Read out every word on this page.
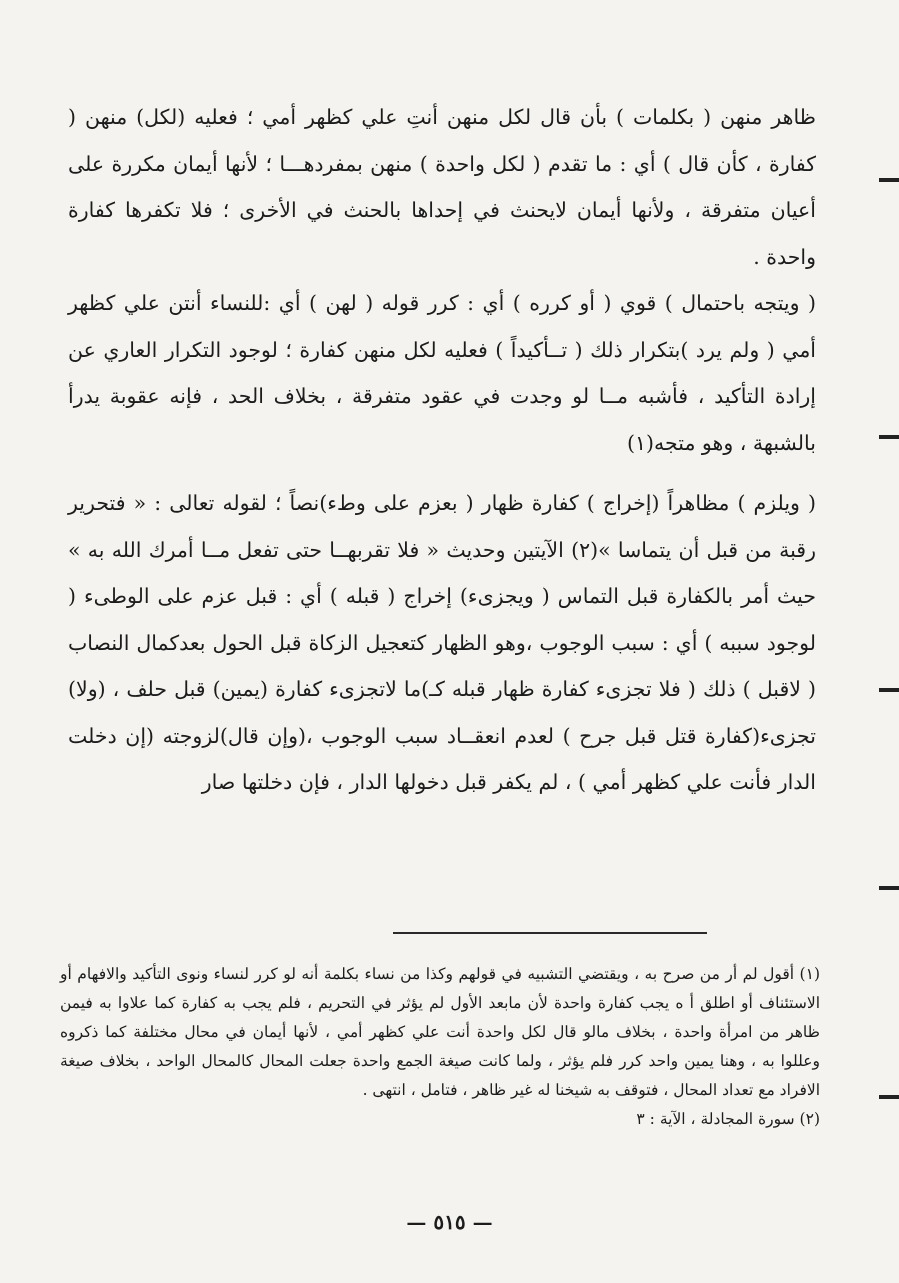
ظاهر منهن ( بكلمات ) بأن قال لكل منهن أنتِ علي كظهر أمي ؛ فعليه (لكل) منهن ( كفارة ، كأن قال ) أي : ما تقدم ( لكل واحدة ) منهن بمفردهـــا ؛ لأنها أيمان مكررة على أعيان متفرقة ، ولأنها أيمان لايحنث في إحداها بالحنث في الأخرى ؛ فلا تكفرها كفارة واحدة .

( ويتجه باحتمال ) قوي ( أو كرره ) أي : كرر قوله ( لهن ) أي :للنساء أنتن علي كظهر أمي ( ولم يرد )بتكرار ذلك ( تــأكيداً ) فعليه لكل منهن كفارة ؛ لوجود التكرار العاري عن إرادة التأكيد ، فأشبه مــا لو وجدت في عقود متفرقة ، بخلاف الحد ، فإنه عقوبة يدرأ بالشبهة ، وهو متجه(١)

( ويلزم ) مظاهراً (إخراج ) كفارة ظهار ( بعزم على وطء)نصاً ؛ لقوله تعالى : « فتحرير رقبة من قبل أن يتماسا »(٢) الآيتين وحديث « فلا تقربهــا حتى تفعل مــا أمرك الله به » حيث أمر بالكفارة قبل التماس ( ويجزىء) إخراج ( قبله ) أي : قبل عزم على الوطىء ( لوجود سببه ) أي : سبب الوجوب ،وهو الظهار كتعجيل الزكاة قبل الحول بعدكمال النصاب ( لاقبل ) ذلك ( فلا تجزىء كفارة ظهار قبله كـ)ما لاتجزىء كفارة (يمين) قبل حلف ، (ولا) تجزىء(كفارة قتل قبل جرح ) لعدم انعقــاد سبب الوجوب ،(وإن قال)لزوجته (إن دخلت الدار فأنت علي كظهر أمي ) ، لم يكفر قبل دخولها الدار ، فإن دخلتها صار

(١) أقول لم أر من صرح به ، ويقتضي التشبيه في قولهم وكذا من نساء بكلمة أنه لو كرر لنساء ونوى التأكيد والافهام أو الاستئناف أو اطلق أ ه يجب كفارة واحدة لأن مابعد الأول لم يؤثر في التحريم ، فلم يجب به كفارة كما علاوا به فيمن ظاهر من امرأة واحدة ، بخلاف مالو قال لكل واحدة أنت علي كظهر أمي ، لأنها أيمان في محال مختلفة كما ذكروه وعللوا به ، وهنا يمين واحد كرر فلم يؤثر ، ولما كانت صيغة الجمع واحدة جعلت المحال كالمحال الواحد ، بخلاف صيغة الافراد مع تعداد المحال ، فتوقف به شيخنا له غير ظاهر ، فتامل ، انتهى .

(٢) سورة المجادلة ، الآية : ٣

— ٥١٥ —
